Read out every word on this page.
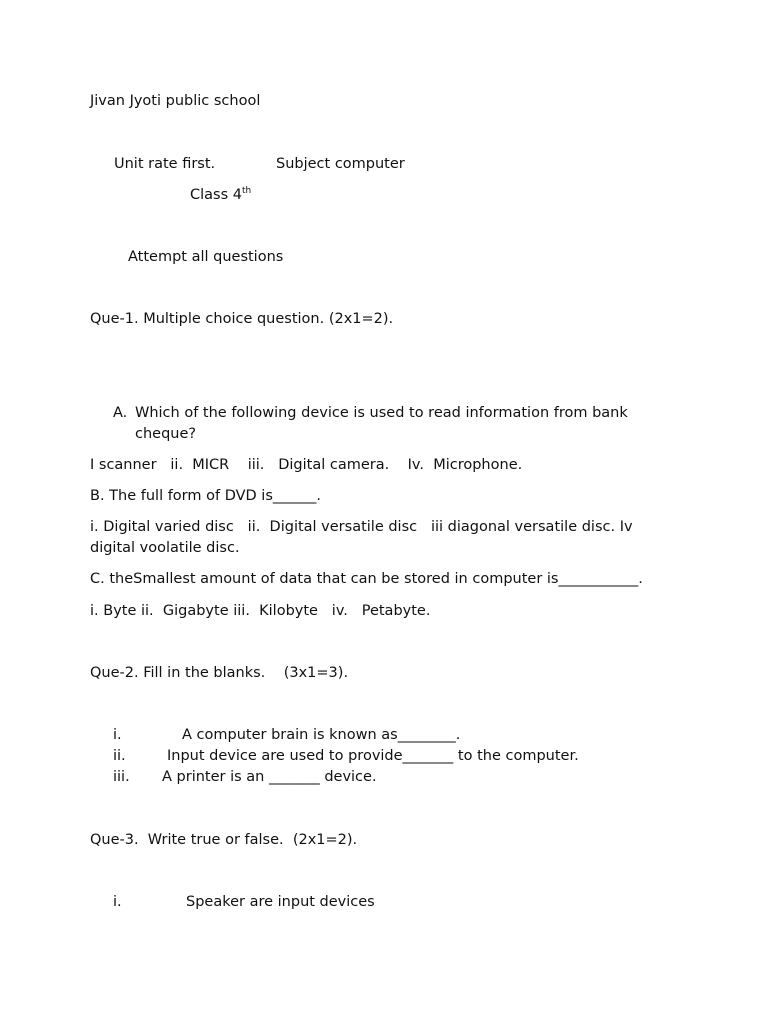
Jivan Jyoti public school
Unit rate first.	Subject computer
Class 4th
Attempt all questions
Que-1. Multiple choice question. (2x1=2).
A. Which of the following device is used to read information from bank
cheque?
I scanner   ii.  MICR    iii.   Digital camera.    Iv.  Microphone.
B. The full form of DVD is______.
i. Digital varied disc   ii.  Digital versatile disc   iii diagonal versatile disc. Iv
digital voolatile disc.
C. theSmallest amount of data that can be stored in computer is___________.
i. Byte ii.  Gigabyte iii.  Kilobyte   iv.   Petabyte.
Que-2. Fill in the blanks.    (3x1=3).
i.	A computer brain is known as________.
ii.	Input device are used to provide_______ to the computer.
iii. A printer is an _______ device.
Que-3.  Write true or false.  (2x1=2).
i.	Speaker are input devices
